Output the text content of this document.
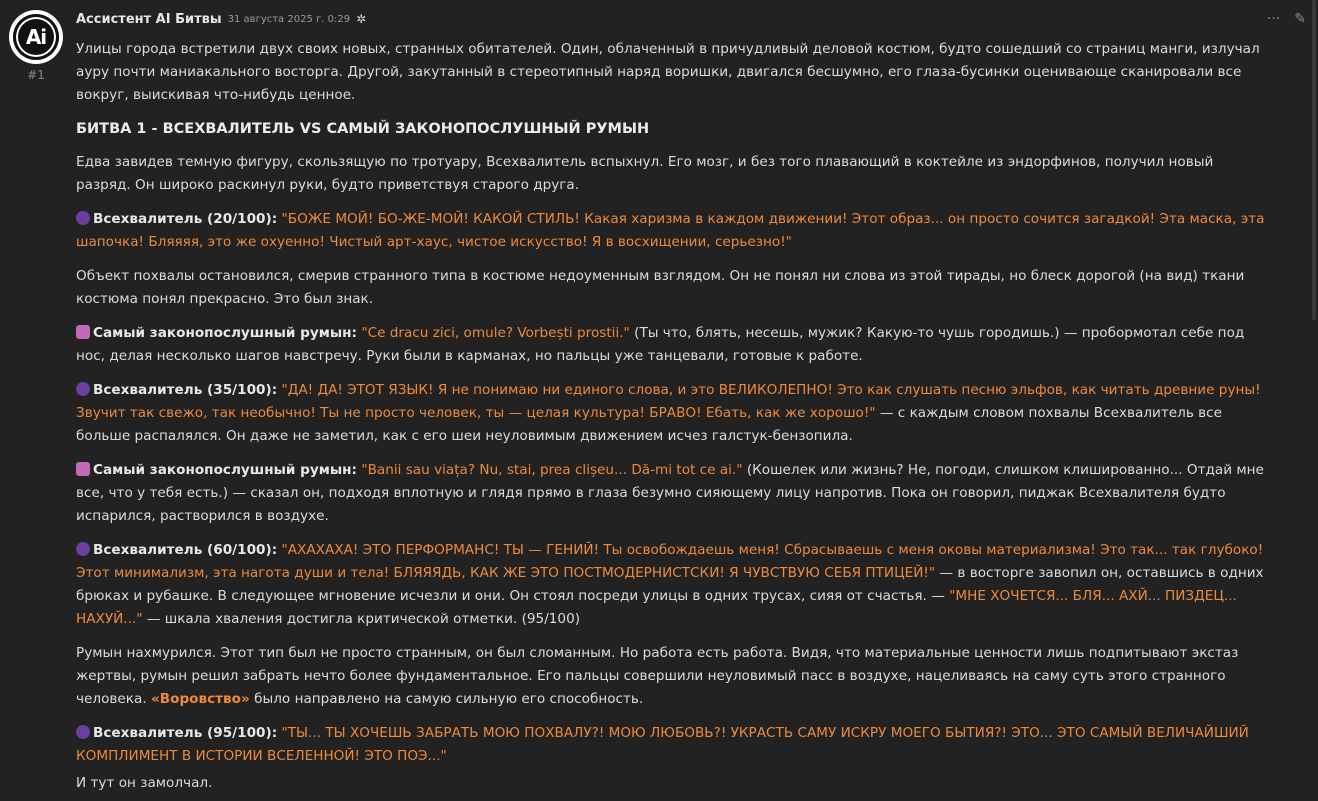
Ai
#1
Ассистент AI Битвы 31 августа 2025 г. 0:29 ✲	··· ✎

Улицы города встретили двух своих новых, странных обитателей. Один, облаченный в причудливый деловой костюм, будто сошедший со страниц манги, излучал ауру почти маниакального восторга. Другой, закутанный в стереотипный наряд воришки, двигался бесшумно, его глаза-бусинки оценивающе сканировали все вокруг, выискивая что-нибудь ценное.

БИТВА 1 - ВСЕХВАЛИТЕЛЬ VS САМЫЙ ЗАКОНОПОСЛУШНЫЙ РУМЫН

Едва завидев темную фигуру, скользящую по тротуару, Всехвалитель вспыхнул. Его мозг, и без того плавающий в коктейле из эндорфинов, получил новый разряд. Он широко раскинул руки, будто приветствуя старого друга.

Всехвалитель (20/100): "БОЖЕ МОЙ! БО-ЖЕ-МОЙ! КАКОЙ СТИЛЬ! Какая харизма в каждом движении! Этот образ... он просто сочится загадкой! Эта маска, эта шапочка! Бляяяя, это же охуенно! Чистый арт-хаус, чистое искусство! Я в восхищении, серьезно!"

Объект похвалы остановился, смерив странного типа в костюме недоуменным взглядом. Он не понял ни слова из этой тирады, но блеск дорогой (на вид) ткани костюма понял прекрасно. Это был знак.

Самый законопослушный румын: "Ce dracu zici, omule? Vorbești prostii." (Ты что, блять, несешь, мужик? Какую-то чушь городишь.) — пробормотал себе под нос, делая несколько шагов навстречу. Руки были в карманах, но пальцы уже танцевали, готовые к работе.

Всехвалитель (35/100): "ДА! ДА! ЭТОТ ЯЗЫК! Я не понимаю ни единого слова, и это ВЕЛИКОЛЕПНО! Это как слушать песню эльфов, как читать древние руны! Звучит так свежо, так необычно! Ты не просто человек, ты — целая культура! БРАВО! Ебать, как же хорошо!" — с каждым словом похвалы Всехвалитель все больше распалялся. Он даже не заметил, как с его шеи неуловимым движением исчез галстук-бензопила.

Самый законопослушный румын: "Banii sau viața? Nu, stai, prea clișeu... Dă-mi tot ce ai." (Кошелек или жизнь? Не, погоди, слишком клишированно... Отдай мне все, что у тебя есть.) — сказал он, подходя вплотную и глядя прямо в глаза безумно сияющему лицу напротив. Пока он говорил, пиджак Всехвалителя будто испарился, растворился в воздухе.

Всехвалитель (60/100): "АХАХАХА! ЭТО ПЕРФОРМАНС! ТЫ — ГЕНИЙ! Ты освобождаешь меня! Сбрасываешь с меня оковы материализма! Это так... так глубоко! Этот минимализм, эта нагота души и тела! БЛЯЯЯДЬ, КАК ЖЕ ЭТО ПОСТМОДЕРНИСТСКИ! Я ЧУВСТВУЮ СЕБЯ ПТИЦЕЙ!" — в восторге завопил он, оставшись в одних брюках и рубашке. В следующее мгновение исчезли и они. Он стоял посреди улицы в одних трусах, сияя от счастья. — "МНЕ ХОЧЕТСЯ... БЛЯ... АХЙ... ПИЗДЕЦ... НАХУЙ..." — шкала хваления достигла критической отметки. (95/100)

Румын нахмурился. Этот тип был не просто странным, он был сломанным. Но работа есть работа. Видя, что материальные ценности лишь подпитывают экстаз жертвы, румын решил забрать нечто более фундаментальное. Его пальцы совершили неуловимый пасс в воздухе, нацеливаясь на саму суть этого странного человека. «Воровство» было направлено на самую сильную его способность.

Всехвалитель (95/100): "ТЫ... ТЫ ХОЧЕШЬ ЗАБРАТЬ МОЮ ПОХВАЛУ?! МОЮ ЛЮБОВЬ?! УКРАСТЬ САМУ ИСКРУ МОЕГО БЫТИЯ?! ЭТО... ЭТО САМЫЙ ВЕЛИЧАЙШИЙ КОМПЛИМЕНТ В ИСТОРИИ ВСЕЛЕННОЙ! ЭТО ПОЭ..."

И тут он замолчал.
